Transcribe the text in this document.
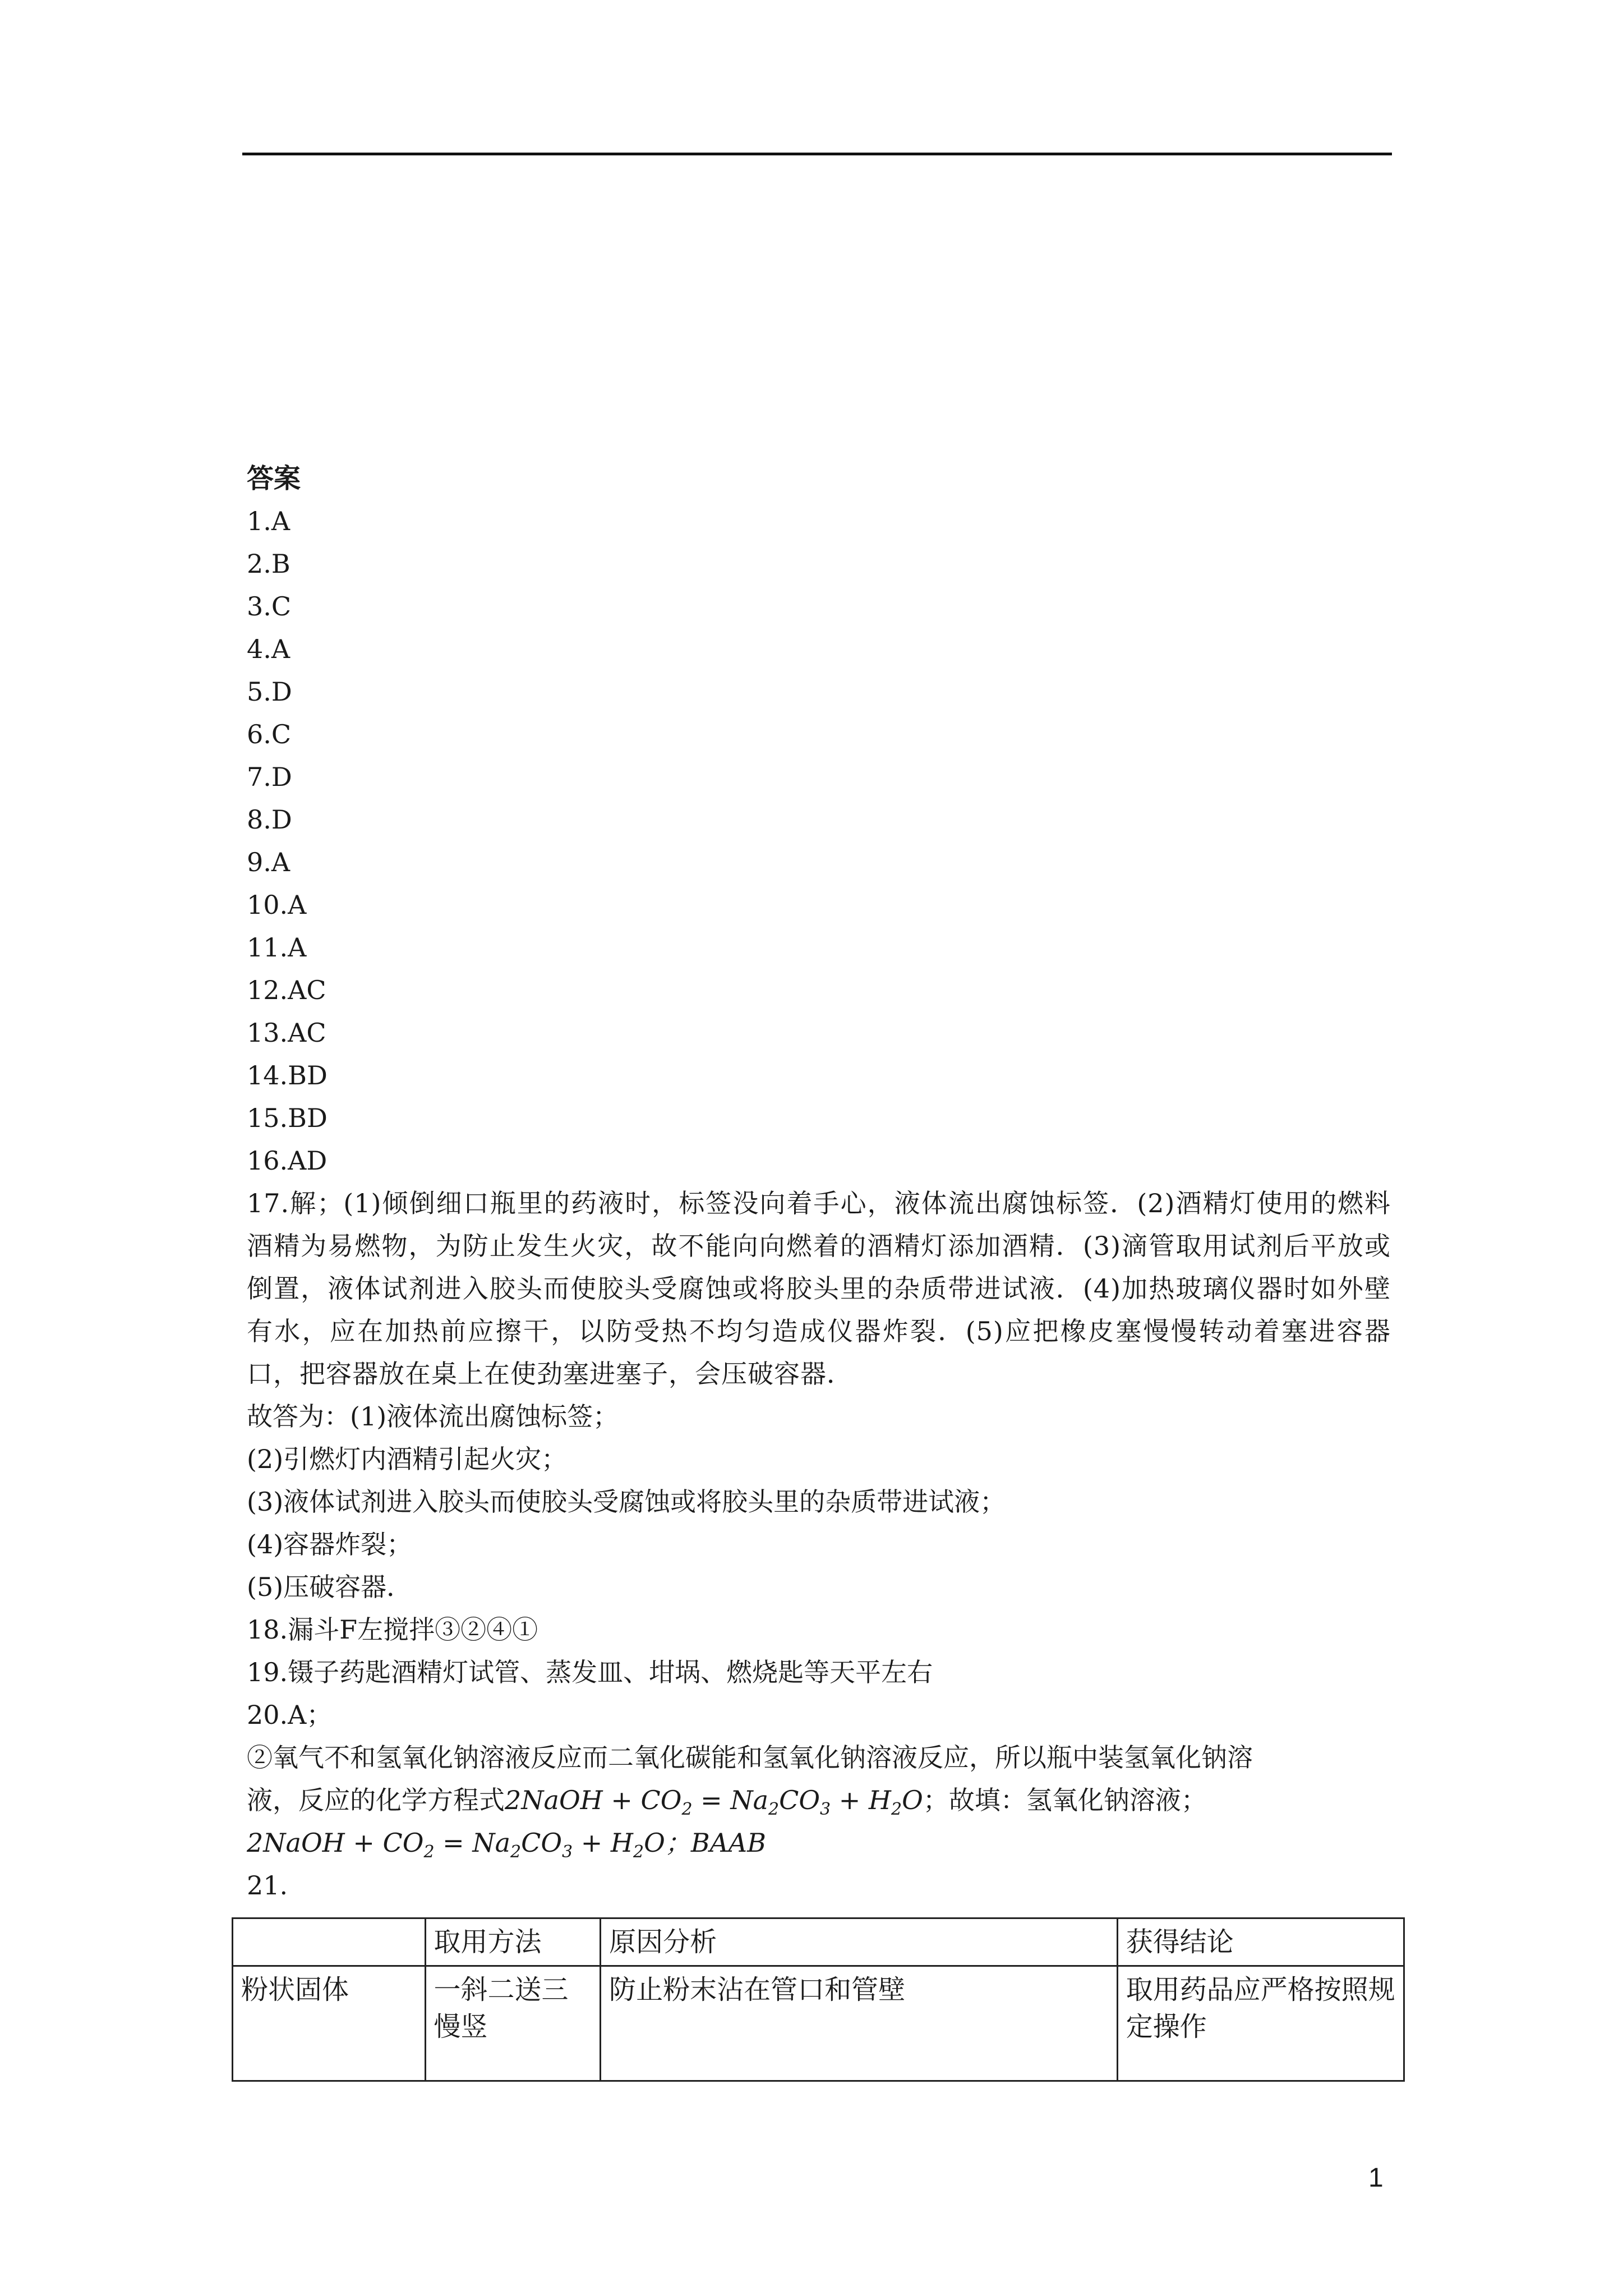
答案
1.A
2.B
3.C
4.A
5.D
6.C
7.D
8.D
9.A
10.A
11.A
12.AC
13.AC
14.BD
15.BD
16.AD
17.解；(1)倾倒细口瓶里的药液时，标签没向着手心，液体流出腐蚀标签．(2)酒精灯使用的燃料酒精为易燃物，为防止发生火灾，故不能向向燃着的酒精灯添加酒精．(3)滴管取用试剂后平放或倒置，液体试剂进入胶头而使胶头受腐蚀或将胶头里的杂质带进试液．(4)加热玻璃仪器时如外壁有水，应在加热前应擦干，以防受热不均匀造成仪器炸裂．(5)应把橡皮塞慢慢转动着塞进容器口，把容器放在桌上在使劲塞进塞子，会压破容器．
故答为：(1)液体流出腐蚀标签；
(2)引燃灯内酒精引起火灾；
(3)液体试剂进入胶头而使胶头受腐蚀或将胶头里的杂质带进试液；
(4)容器炸裂；
(5)压破容器．
18.漏斗F左搅拌③②④①
19.镊子药匙酒精灯试管、蒸发皿、坩埚、燃烧匙等天平左右
20.A；
②氧气不和氢氧化钠溶液反应而二氧化碳能和氢氧化钠溶液反应，所以瓶中装氢氧化钠溶
液，反应的化学方程式2NaOH + $CO_2 = Na_2CO_3 + H_2O$；故填：氢氧化钠溶液；
2NaOH + $CO_2 = Na_2CO_3 + H_2O$；BAAB
21.
	取用方法	原因分析	获得结论
粉状固体	一斜二送三慢竖	防止粉末沾在管口和管壁	取用药品应严格按照规定操作
1
